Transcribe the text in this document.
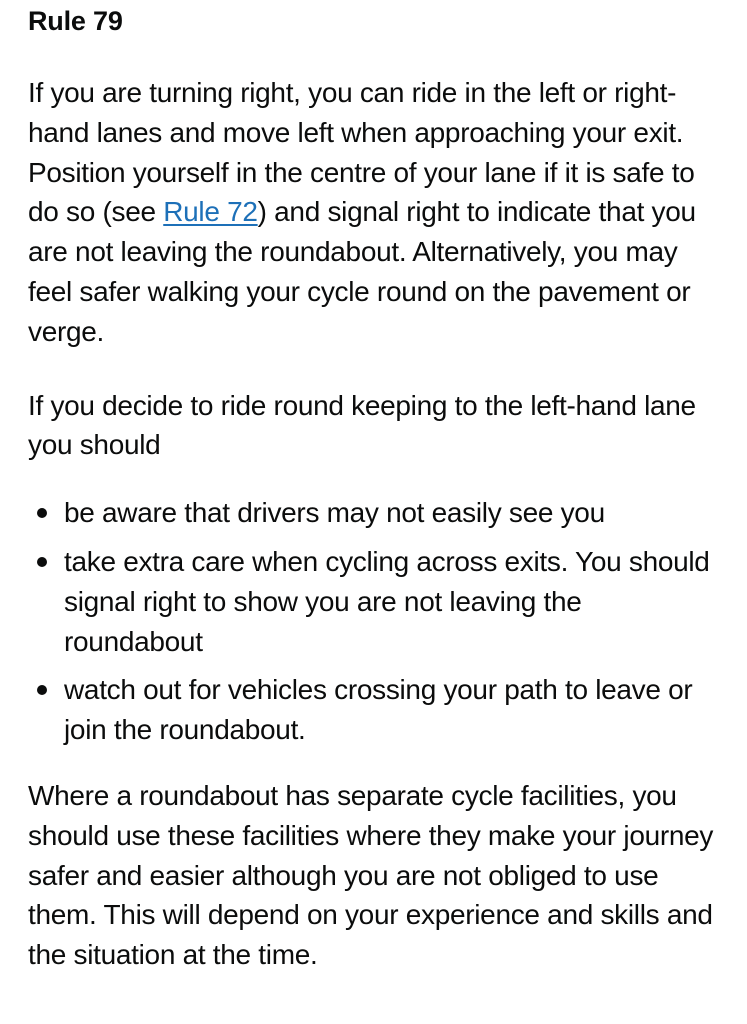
Rule 79

If you are turning right, you can ride in the left or right-hand lanes and move left when approaching your exit. Position yourself in the centre of your lane if it is safe to do so (see Rule 72) and signal right to indicate that you are not leaving the roundabout. Alternatively, you may feel safer walking your cycle round on the pavement or verge.

If you decide to ride round keeping to the left-hand lane you should

be aware that drivers may not easily see you
take extra care when cycling across exits. You should signal right to show you are not leaving the roundabout
watch out for vehicles crossing your path to leave or join the roundabout.

Where a roundabout has separate cycle facilities, you should use these facilities where they make your journey safer and easier although you are not obliged to use them. This will depend on your experience and skills and the situation at the time.
